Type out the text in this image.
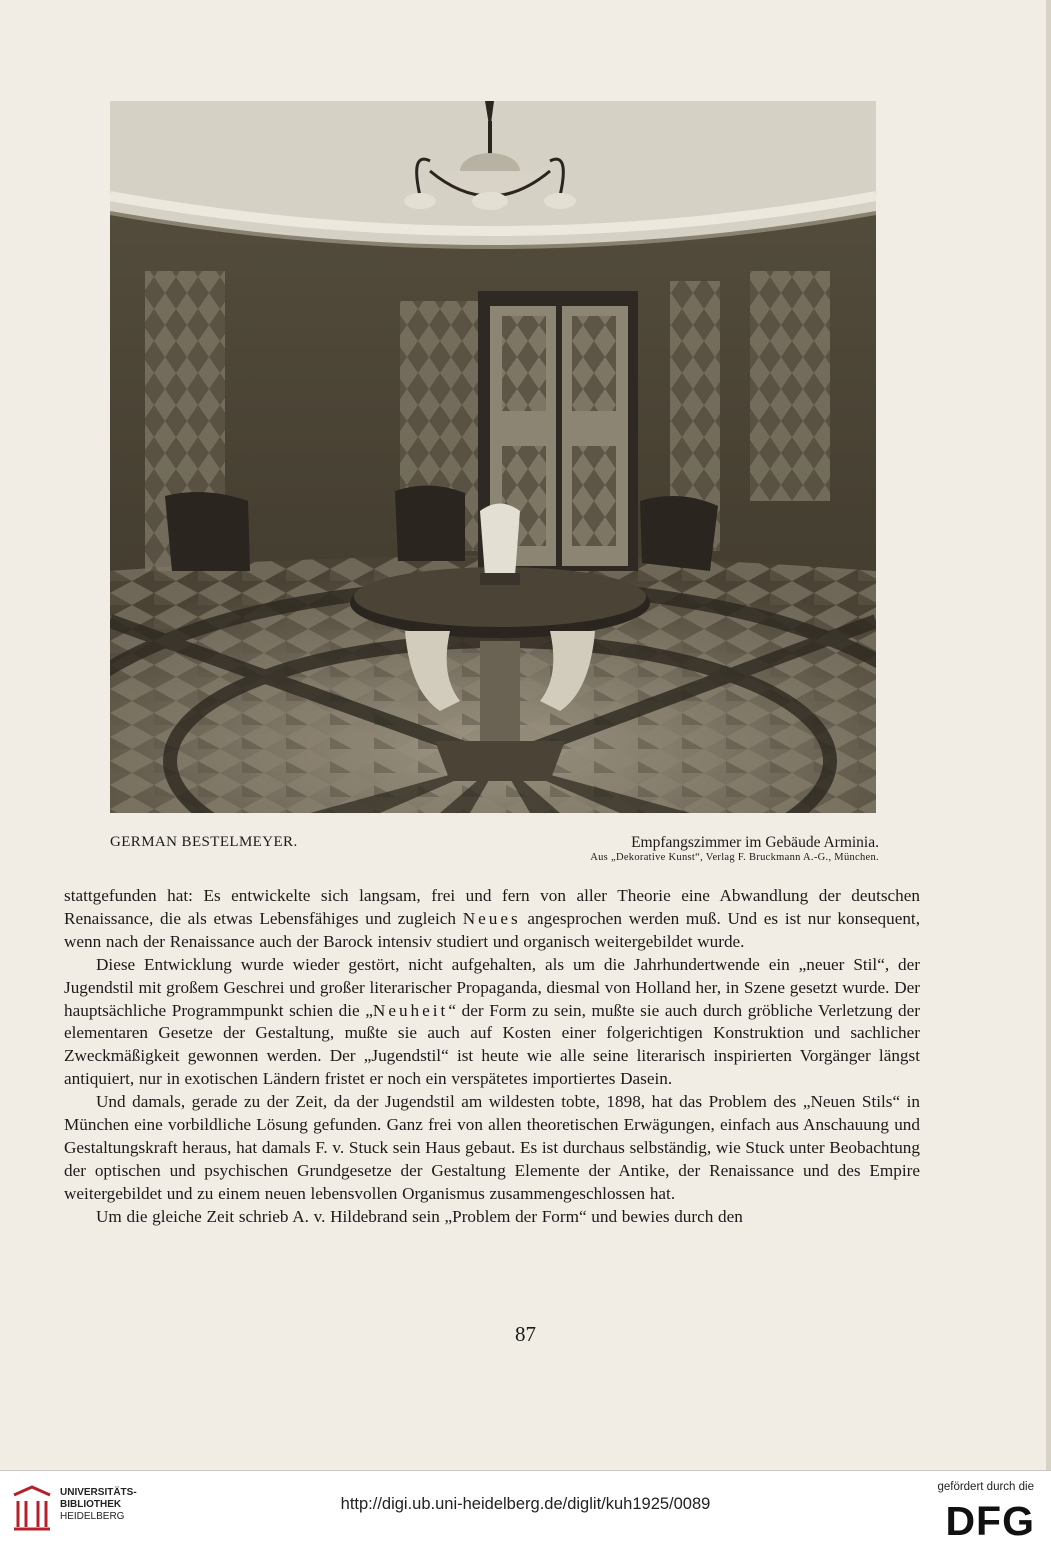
GERMAN BESTELMEYER.	Empfangszimmer im Gebäude Arminia.
Aus „Dekorative Kunst“, Verlag F. Bruckmann A.-G., München.

stattgefunden hat: Es entwickelte sich langsam, frei und fern von aller Theorie eine Abwandlung der deutschen Renaissance, die als etwas Lebensfähiges und zugleich Neues angesprochen werden muß. Und es ist nur konsequent, wenn nach der Renaissance auch der Barock intensiv studiert und organisch weitergebildet wurde.

Diese Entwicklung wurde wieder gestört, nicht aufgehalten, als um die Jahrhundertwende ein „neuer Stil“, der Jugendstil mit großem Geschrei und großer literarischer Propaganda, diesmal von Holland her, in Szene gesetzt wurde. Der hauptsächliche Programmpunkt schien die „Neuheit“ der Form zu sein, mußte sie auch durch gröbliche Verletzung der elementaren Gesetze der Gestaltung, mußte sie auch auf Kosten einer folgerichtigen Konstruktion und sachlicher Zweckmäßigkeit gewonnen werden. Der „Jugendstil“ ist heute wie alle seine literarisch inspirierten Vorgänger längst antiquiert, nur in exotischen Ländern fristet er noch ein verspätetes importiertes Dasein.

Und damals, gerade zu der Zeit, da der Jugendstil am wildesten tobte, 1898, hat das Problem des „Neuen Stils“ in München eine vorbildliche Lösung gefunden. Ganz frei von allen theoretischen Erwägungen, einfach aus Anschauung und Gestaltungskraft heraus, hat damals F. v. Stuck sein Haus gebaut. Es ist durchaus selbständig, wie Stuck unter Beobachtung der optischen und psychischen Grundgesetze der Gestaltung Elemente der Antike, der Renaissance und des Empire weitergebildet und zu einem neuen lebensvollen Organismus zusammengeschlossen hat.

Um die gleiche Zeit schrieb A. v. Hildebrand sein „Problem der Form“ und bewies durch den

87
UNIVERSITÄTS-
BIBLIOTHEK
HEIDELBERG
http://digi.ub.uni-heidelberg.de/diglit/kuh1925/0089
gefördert durch die
DFG
